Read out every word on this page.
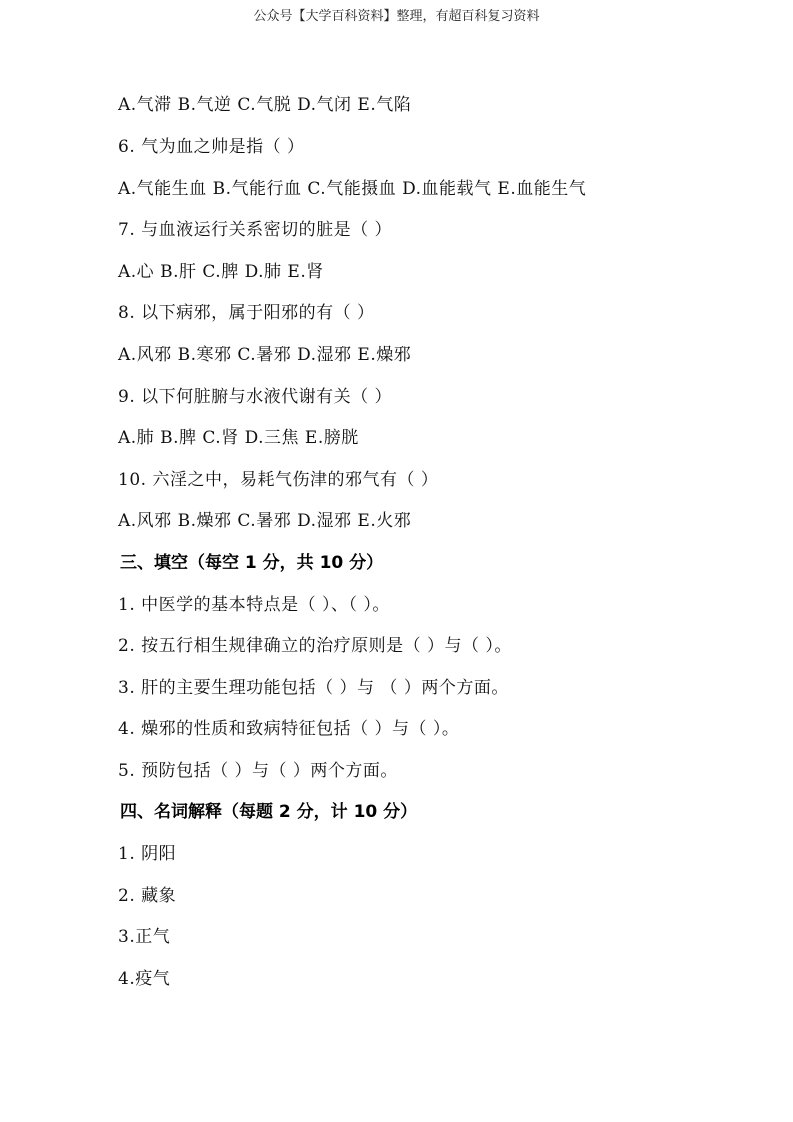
公众号【大学百科资料】整理，有超百科复习资料
A.气滞 B.气逆 C.气脱 D.气闭 E.气陷
6. 气为血之帅是指（ ）
A.气能生血 B.气能行血 C.气能摄血 D.血能载气 E.血能生气
7. 与血液运行关系密切的脏是（ ）
A.心 B.肝 C.脾 D.肺 E.肾
8. 以下病邪，属于阳邪的有（ ）
A.风邪 B.寒邪 C.暑邪 D.湿邪 E.燥邪
9. 以下何脏腑与水液代谢有关（ ）
A.肺 B.脾 C.肾 D.三焦 E.膀胱
10. 六淫之中，易耗气伤津的邪气有（ ）
A.风邪 B.燥邪 C.暑邪 D.湿邪 E.火邪
三、填空（每空 1 分，共 10 分）
1. 中医学的基本特点是（ ）、（ ）。
2. 按五行相生规律确立的治疗原则是（ ）与（ ）。
3. 肝的主要生理功能包括（ ）与 （ ）两个方面。
4. 燥邪的性质和致病特征包括（ ）与（ ）。
5. 预防包括（ ）与（ ）两个方面。
四、名词解释（每题 2 分，计 10 分）
1. 阴阳
2. 藏象
3.正气
4.疫气
